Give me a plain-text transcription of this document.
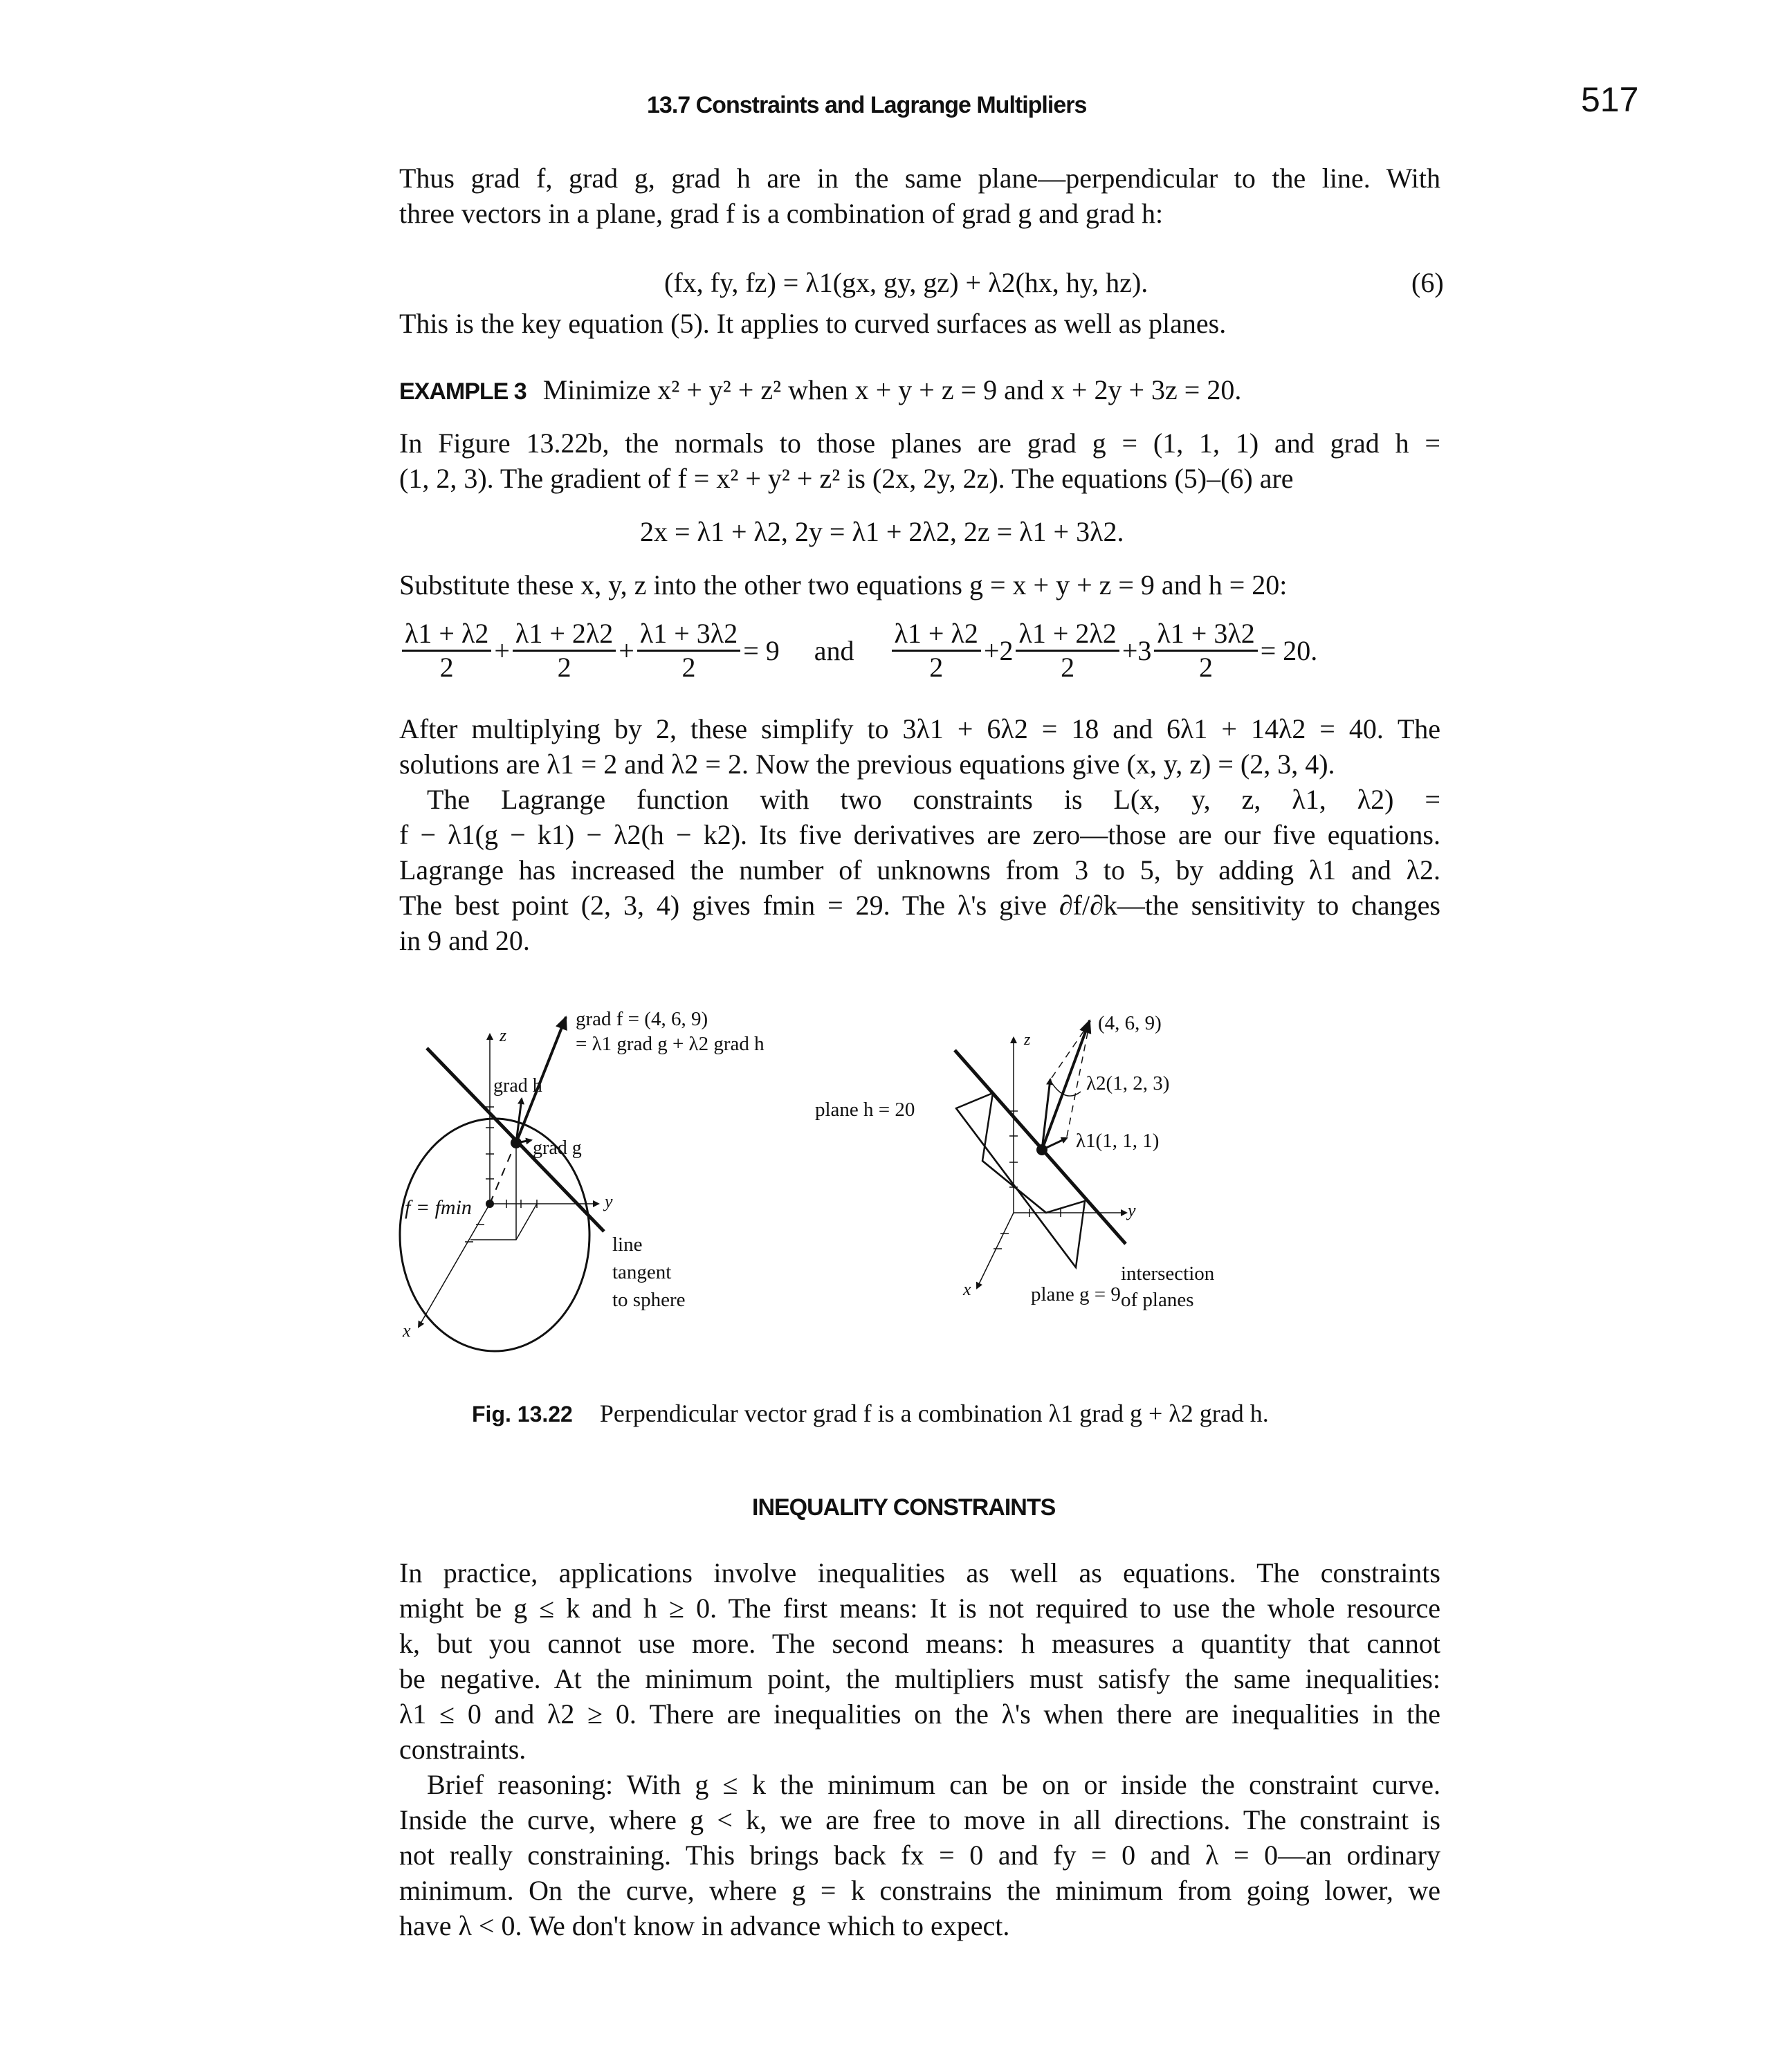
13.7 Constraints and Lagrange Multipliers	517
Thus grad f, grad g, grad h are in the same plane—perpendicular to the line. With
three vectors in a plane, grad f is a combination of grad g and grad h:
(fx, fy, fz) = λ1(gx, gy, gz) + λ2(hx, hy, hz).	(6)
This is the key equation (5). It applies to curved surfaces as well as planes.
EXAMPLE 3 Minimize x² + y² + z² when x + y + z = 9 and x + 2y + 3z = 20.
In Figure 13.22b, the normals to those planes are grad g = (1, 1, 1) and grad h =
(1, 2, 3). The gradient of f = x² + y² + z² is (2x, 2y, 2z). The equations (5)–(6) are
2x = λ1 + λ2, 2y = λ1 + 2λ2, 2z = λ1 + 3λ2.
Substitute these x, y, z into the other two equations g = x + y + z = 9 and h = 20:
$\frac{\lambda 1 + \lambda 2}{2} + \frac{\lambda 1 + 2\lambda 2}{2} + \frac{\lambda 1 + 3\lambda 2}{2} = 9$ and $\frac{\lambda 1 + \lambda 2}{2} + 2 \frac{\lambda 1 + 2\lambda 2}{2} + 3 \frac{\lambda 1 + 3\lambda 2}{2} = 20$.
After multiplying by 2, these simplify to 3λ1 + 6λ2 = 18 and 6λ1 + 14λ2 = 40. The
solutions are λ1 = 2 and λ2 = 2. Now the previous equations give (x, y, z) = (2, 3, 4).
The Lagrange function with two constraints is L(x, y, z, λ1, λ2) =
f − λ1(g − k1) − λ2(h − k2). Its five derivatives are zero—those are our five equations.
Lagrange has increased the number of unknowns from 3 to 5, by adding λ1 and λ2.
The best point (2, 3, 4) gives fmin = 29. The λ's give ∂f/∂k—the sensitivity to changes
in 9 and 20.
z
y
x
grad h
grad g
f = fmin
grad f = (4, 6, 9)
= λ1 grad g + λ2 grad h
line
tangent
to sphere
z
y
x
(4, 6, 9)
λ2(1, 2, 3)
λ1(1, 1, 1)
plane h = 20
plane g = 9
intersection
of planes
Fig. 13.22 Perpendicular vector grad f is a combination λ1 grad g + λ2 grad h.
INEQUALITY CONSTRAINTS
In practice, applications involve inequalities as well as equations. The constraints
might be g ≤ k and h ≥ 0. The first means: It is not required to use the whole resource
k, but you cannot use more. The second means: h measures a quantity that cannot
be negative. At the minimum point, the multipliers must satisfy the same inequalities:
λ1 ≤ 0 and λ2 ≥ 0. There are inequalities on the λ's when there are inequalities in the
constraints.
Brief reasoning: With g ≤ k the minimum can be on or inside the constraint curve.
Inside the curve, where g < k, we are free to move in all directions. The constraint is
not really constraining. This brings back fx = 0 and fy = 0 and λ = 0—an ordinary
minimum. On the curve, where g = k constrains the minimum from going lower, we
have λ < 0. We don't know in advance which to expect.
